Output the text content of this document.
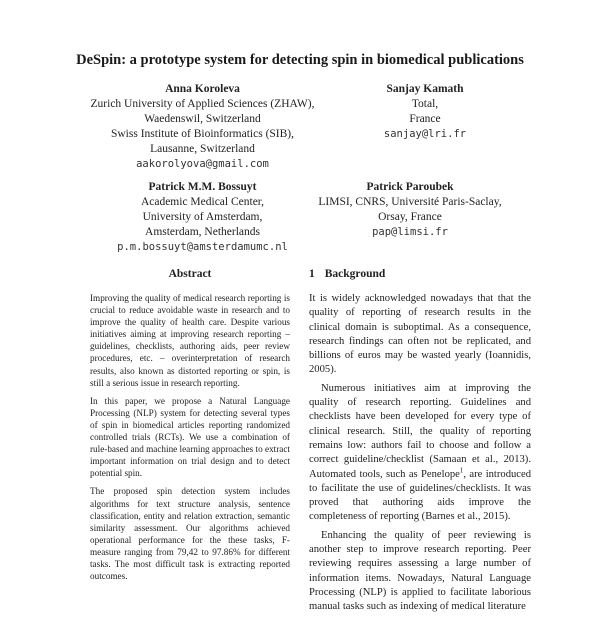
DeSpin: a prototype system for detecting spin in biomedical publications
Anna Koroleva
Zurich University of Applied Sciences (ZHAW),
Waedenswil, Switzerland
Swiss Institute of Bioinformatics (SIB),
Lausanne, Switzerland
aakorolyova@gmail.com
Sanjay Kamath
Total,
France
sanjay@lri.fr
Patrick M.M. Bossuyt
Academic Medical Center,
University of Amsterdam,
Amsterdam, Netherlands
p.m.bossuyt@amsterdamumc.nl
Patrick Paroubek
LIMSI, CNRS, Université Paris-Saclay,
Orsay, France
pap@limsi.fr
Abstract

Improving the quality of medical research reporting is crucial to reduce avoidable waste in research and to improve the quality of health care. Despite various initiatives aiming at improving research reporting – guidelines, checklists, authoring aids, peer review procedures, etc. – overinterpretation of research results, also known as distorted reporting or spin, is still a serious issue in research reporting.

In this paper, we propose a Natural Language Processing (NLP) system for detecting several types of spin in biomedical articles reporting randomized controlled trials (RCTs). We use a combination of rule-based and machine learning approaches to extract important information on trial design and to detect potential spin.

The proposed spin detection system includes algorithms for text structure analysis, sentence classification, entity and relation extraction, semantic similarity assessment. Our algorithms achieved operational performance for the these tasks, F-measure ranging from 79,42 to 97.86% for different tasks. The most difficult task is extracting reported outcomes.

1 Background

It is widely acknowledged nowadays that that the quality of reporting of research results in the clinical domain is suboptimal. As a consequence, research findings can often not be replicated, and billions of euros may be wasted yearly (Ioannidis, 2005).

Numerous initiatives aim at improving the quality of research reporting. Guidelines and checklists have been developed for every type of clinical research. Still, the quality of reporting remains low: authors fail to choose and follow a correct guideline/checklist (Samaan et al., 2013). Automated tools, such as Penelope$^1$, are introduced to facilitate the use of guidelines/checklists. It was proved that authoring aids improve the completeness of reporting (Barnes et al., 2015).

Enhancing the quality of peer reviewing is another step to improve research reporting. Peer reviewing requires assessing a large number of information items. Nowadays, Natural Language Processing (NLP) is applied to facilitate laborious manual tasks such as indexing of medical literature
